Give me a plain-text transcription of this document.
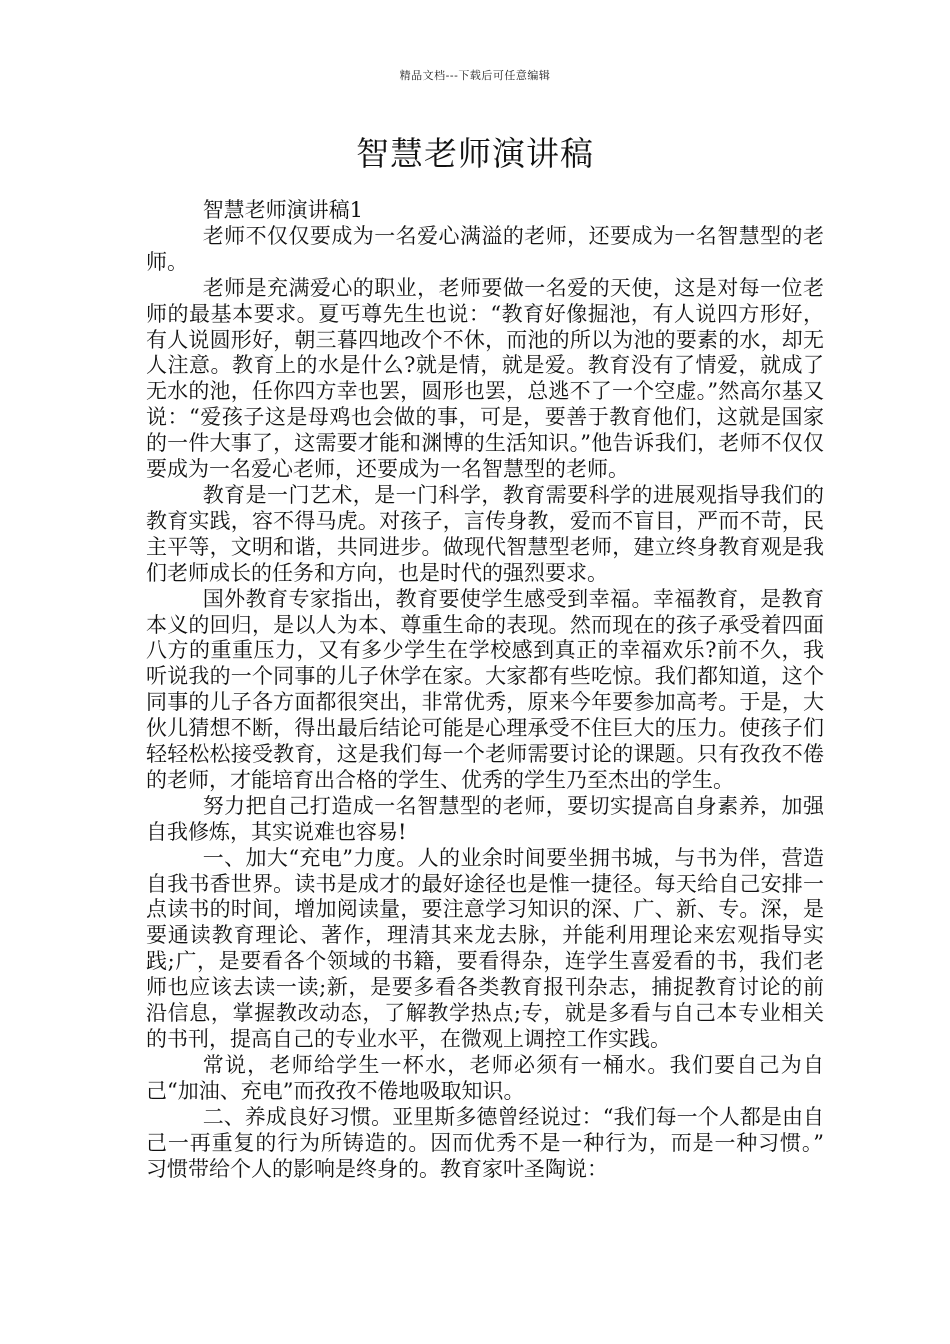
精品文档---下载后可任意编辑
智慧老师演讲稿

智慧老师演讲稿1

老师不仅仅要成为一名爱心满溢的老师，还要成为一名智慧型的老师。

老师是充满爱心的职业，老师要做一名爱的天使，这是对每一位老师的最基本要求。夏丐尊先生也说：“教育好像掘池，有人说四方形好，有人说圆形好，朝三暮四地改个不休，而池的所以为池的要素的水，却无人注意。教育上的水是什么?就是情，就是爱。教育没有了情爱，就成了无水的池，任你四方幸也罢，圆形也罢，总逃不了一个空虚。”然高尔基又说：“爱孩子这是母鸡也会做的事，可是，要善于教育他们，这就是国家的一件大事了，这需要才能和渊博的生活知识。”他告诉我们，老师不仅仅要成为一名爱心老师，还要成为一名智慧型的老师。

教育是一门艺术，是一门科学，教育需要科学的进展观指导我们的教育实践，容不得马虎。对孩子，言传身教，爱而不盲目，严而不苛，民主平等，文明和谐，共同进步。做现代智慧型老师，建立终身教育观是我们老师成长的任务和方向，也是时代的强烈要求。

国外教育专家指出，教育要使学生感受到幸福。幸福教育，是教育本义的回归，是以人为本、尊重生命的表现。然而现在的孩子承受着四面八方的重重压力，又有多少学生在学校感到真正的幸福欢乐?前不久，我听说我的一个同事的儿子休学在家。大家都有些吃惊。我们都知道，这个同事的儿子各方面都很突出，非常优秀，原来今年要参加高考。于是，大伙儿猜想不断，得出最后结论可能是心理承受不住巨大的压力。使孩子们轻轻松松接受教育，这是我们每一个老师需要讨论的课题。只有孜孜不倦的老师，才能培育出合格的学生、优秀的学生乃至杰出的学生。

努力把自己打造成一名智慧型的老师，要切实提高自身素养，加强自我修炼，其实说难也容易!

一、加大“充电”力度。人的业余时间要坐拥书城，与书为伴，营造自我书香世界。读书是成才的最好途径也是惟一捷径。每天给自己安排一点读书的时间，增加阅读量，要注意学习知识的深、广、新、专。深，是要通读教育理论、著作，理清其来龙去脉，并能利用理论来宏观指导实践;广，是要看各个领域的书籍，要看得杂，连学生喜爱看的书，我们老师也应该去读一读;新，是要多看各类教育报刊杂志，捕捉教育讨论的前沿信息，掌握教改动态，了解教学热点;专，就是多看与自己本专业相关的书刊，提高自己的专业水平，在微观上调控工作实践。

常说，老师给学生一杯水，老师必须有一桶水。我们要自己为自己“加油、充电”而孜孜不倦地吸取知识。

二、养成良好习惯。亚里斯多德曾经说过：“我们每一个人都是由自己一再重复的行为所铸造的。因而优秀不是一种行为，而是一种习惯。” 习惯带给个人的影响是终身的。教育家叶圣陶说：
